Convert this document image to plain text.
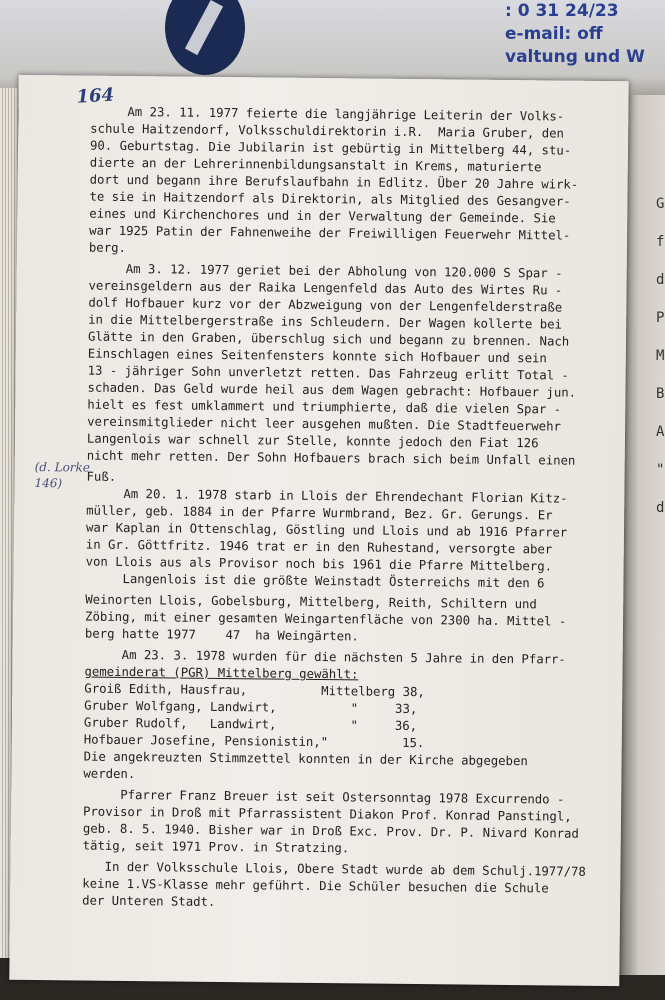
: 0 31 24/23
e-mail: off
valtung und W
G
f
d
P
M
B
A
"
d
164
(d. Lorke
146)
Am 23. 11. 1977 feierte die langjährige Leiterin der Volks-
schule Haitzendorf, Volksschuldirektorin i.R.  Maria Gruber, den
90. Geburtstag. Die Jubilarin ist gebürtig in Mittelberg 44, stu-
dierte an der Lehrerinnenbildungsanstalt in Krems, maturierte
dort und begann ihre Berufslaufbahn in Edlitz. Über 20 Jahre wirk-
te sie in Haitzendorf als Direktorin, als Mitglied des Gesangver-
eines und Kirchenchores und in der Verwaltung der Gemeinde. Sie
war 1925 Patin der Fahnenweihe der Freiwilligen Feuerwehr Mittel-
berg.
Am 3. 12. 1977 geriet bei der Abholung von 120.000 S Spar -
vereinsgeldern aus der Raika Lengenfeld das Auto des Wirtes Ru -
dolf Hofbauer kurz vor der Abzweigung von der Lengenfelderstraße
in die Mittelbergerstraße ins Schleudern. Der Wagen kollerte bei
Glätte in den Graben, überschlug sich und begann zu brennen. Nach
Einschlagen eines Seitenfensters konnte sich Hofbauer und sein
13 - jähriger Sohn unverletzt retten. Das Fahrzeug erlitt Total -
schaden. Das Geld wurde heil aus dem Wagen gebracht: Hofbauer jun.
hielt es fest umklammert und triumphierte, daß die vielen Spar -
vereinsmitglieder nicht leer ausgehen mußten. Die Stadtfeuerwehr
Langenlois war schnell zur Stelle, konnte jedoch den Fiat 126
nicht mehr retten. Der Sohn Hofbauers brach sich beim Unfall einen
Fuß.
Am 20. 1. 1978 starb in Llois der Ehrendechant Florian Kitz-
müller, geb. 1884 in der Pfarre Wurmbrand, Bez. Gr. Gerungs. Er
war Kaplan in Ottenschlag, Göstling und Llois und ab 1916 Pfarrer
in Gr. Göttfritz. 1946 trat er in den Ruhestand, versorgte aber
von Llois aus als Provisor noch bis 1961 die Pfarre Mittelberg.
Langenlois ist die größte Weinstadt Österreichs mit den 6
Weinorten Llois, Gobelsburg, Mittelberg, Reith, Schiltern und
Zöbing, mit einer gesamten Weingartenfläche von 2300 ha. Mittel -
berg hatte 1977    47  ha Weingärten.
Am 23. 3. 1978 wurden für die nächsten 5 Jahre in den Pfarr-
gemeinderat (PGR) Mittelberg gewählt:
Groiß Edith, Hausfrau,          Mittelberg 38,
Gruber Wolfgang, Landwirt,          "     33,
Gruber Rudolf,   Landwirt,          "     36,
Hofbauer Josefine, Pensionistin,"          15.
Die angekreuzten Stimmzettel konnten in der Kirche abgegeben
werden.
Pfarrer Franz Breuer ist seit Ostersonntag 1978 Excurrendo -
Provisor in Droß mit Pfarrassistent Diakon Prof. Konrad Panstingl,
geb. 8. 5. 1940. Bisher war in Droß Exc. Prov. Dr. P. Nivard Konrad
tätig, seit 1971 Prov. in Stratzing.
In der Volksschule Llois, Obere Stadt wurde ab dem Schulj.1977/78
keine 1.VS-Klasse mehr geführt. Die Schüler besuchen die Schule
der Unteren Stadt.
